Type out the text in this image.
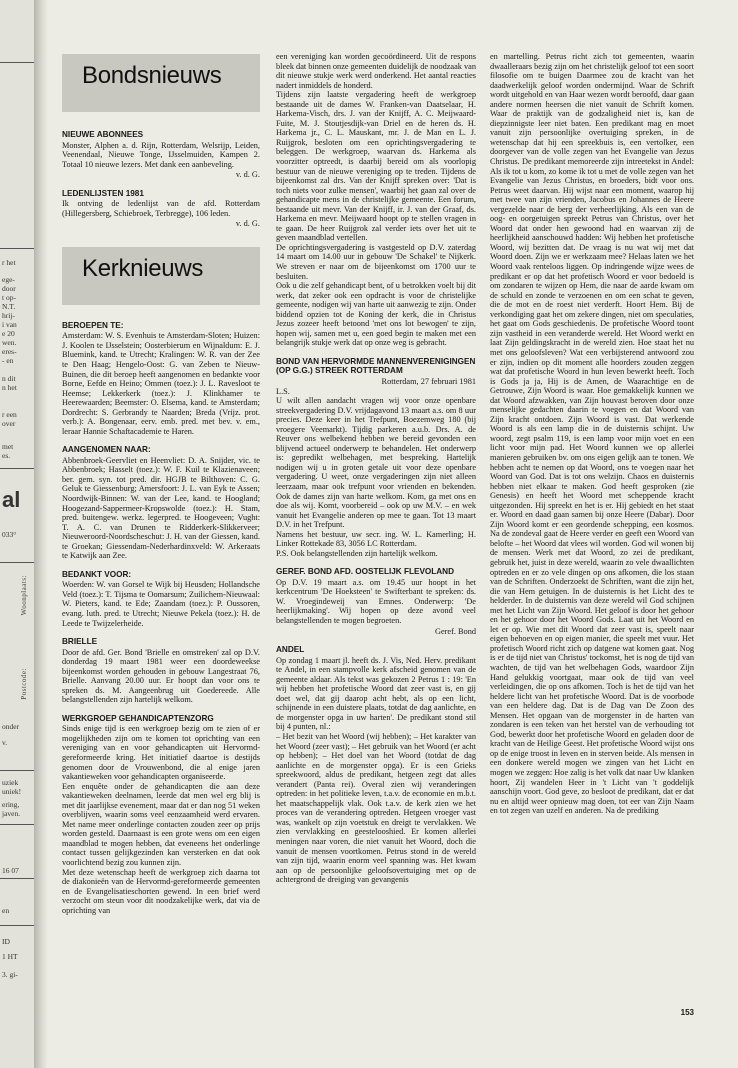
r het
ege-
door
t op-
N.T.
hrij-
i van
e 20
wen.
eres-
- en
n dit
n het
r een
over
met
es.
033°
onder
v.
uziek
uniek!
ering,
javen.
16 07
en
ID
1 HT
3. gi-
al
Woonplaats:
Postcode:
Bondsnieuws
NIEUWE ABONNEES

Monster, Alphen a. d. Rijn, Rotterdam, Welsrijp, Leiden, Veenendaal, Nieuwe Tonge, IJsselmuiden, Kampen 2. Totaal 10 nieuwe lezers. Met dank een aanbeveling.

v. d. G.

LEDENLIJSTEN 1981

Ik ontving de ledenlijst van de afd. Rotterdam (Hillegersberg, Schiebroek, Terbregge), 106 leden.

v. d. G.

Kerknieuws
BEROEPEN TE:

Amsterdam: W. S. Evenhuis te Amsterdam-Sloten; Huizen: J. Koolen te IJsselstein; Oosterbierum en Wijnaldum: E. J. Bluemink, kand. te Utrecht; Kralingen: W. R. van der Zee te Den Haag; Hengelo-Oost: G. van Zeben te Nieuw-Buinen, die dit beroep heeft aangenomen en bedankte voor Borne, Eefde en Heino; Ommen (toez.): J. L. Ravesloot te Heemse; Lekkerkerk (toez.): J. Klinkhamer te Heerewaarden; Beemster: O. Elsema, kand. te Amsterdam; Dordrecht: S. Gerbrandy te Naarden; Breda (Vrijz. prot. verb.): A. Bongenaar, eerv. emb. pred. met bev. v. em., leraar Hannie Schaftacademie te Haren.

AANGENOMEN NAAR:

Abbenbroek-Geervliet en Heenvliet: D. A. Snijder, vic. te Abbenbroek; Hasselt (toez.): W. F. Kuil te Klazienaveen; ber. gem. syn. tot pred. dir. HGJB te Bilthoven: C. G. Geluk te Giessenburg; Amersfoort: J. L. van Eyk te Assen; Noordwijk-Binnen: W. van der Lee, kand. te Hoogland; Hoogezand-Sappermeer-Kropswolde (toez.): H. Stam, pred. buitengew. werkz. legerpred. te Hoogeveen; Vught: T. A. C. van Drunen te Ridderkerk-Slikkerveer; Nieuweroord-Noordscheschut: J. H. van der Giessen, kand. te Groekan; Giessendam-Nederhardinxveld: W. Arkeraats te Katwijk aan Zee.

BEDANKT VOOR:

Woerden: W. van Gorsel te Wijk bij Heusden; Hollandsche Veld (toez.): T. Tijsma te Oomarsum; Zuilichem-Nieuwaal: W. Pieters, kand. te Ede; Zaandam (toez.): P. Oussoren, evang. luth. pred. te Utrecht; Nieuwe Pekela (toez.): H. de Leede te Twijzelerheide.

BRIELLE

Door de afd. Ger. Bond 'Brielle en omstreken' zal op D.V. donderdag 19 maart 1981 weer een doordeweekse bijeenkomst worden gehouden in gebouw Langestraat 76, Brielle. Aanvang 20.00 uur. Er hoopt dan voor ons te spreken ds. M. Aangeenbrug uit Goedereede. Alle belangstellenden zijn hartelijk welkom.

WERKGROEP GEHANDICAPTENZORG

Sinds enige tijd is een werkgroep bezig om te zien of er mogelijkheden zijn om te komen tot oprichting van een vereniging van en voor gehandicapten uit Hervormd-gereformeerde kring. Het initiatief daartoe is destijds genomen door de Vrouwenbond, die al enige jaren vakantieweken voor gehandicapten organiseerde.

Een enquête onder de gehandicapten die aan deze vakantieweken deelnamen, leerde dat men wel erg blij is met dit jaarlijkse evenement, maar dat er dan nog 51 weken overblijven, waarin soms veel eenzaamheid werd ervaren. Met name meer onderlinge contacten zouden zeer op prijs worden gesteld. Daarnaast is een grote wens om een eigen maandblad te mogen hebben, dat eveneens het onderlinge contact tussen gelijkgezinden kan versterken en dat ook voorlichtend bezig zou kunnen zijn.

Met deze wetenschap heeft de werkgroep zich daarna tot de diakonieën van de Hervormd-gereformeerde gemeenten en de Evangelisatieschorten gewend. In een brief werd verzocht om steun voor dit noodzakelijke werk, dat via de oprichting van

een vereniging kan worden gecoördineerd. Uit de respons bleek dat binnen onze gemeenten duidelijk de noodzaak van dit nieuwe stukje werk werd onderkend. Het aantal reacties nadert inmiddels de honderd.

Tijdens zijn laatste vergadering heeft de werkgroep bestaande uit de dames W. Franken-van Daatselaar, H. Harkema-Visch, drs. J. van der Knijff, A. C. Meijwaard-Fuite, M. J. Stoutjesdijk-van Driel en de heren ds. H. Harkema jr., C. L. Mauskant, mr. J. de Man en L. J. Ruijgrok, besloten om een oprichtingsvergadering te beleggen. De werkgroep, waarvan ds. Harkema als voorzitter optreedt, is daarbij bereid om als voorlopig bestuur van de nieuwe vereniging op te treden. Tijdens de bijeenkomst zal drs. Van der Knijff spreken over: 'Dat is toch niets voor zulke mensen', waarbij het gaan zal over de gehandicapte mens in de christelijke gemeente. Een forum, bestaande uit mevr. Van der Knijff, ir. J. van der Graaf, ds. Harkema en mevr. Meijwaard hoopt op te stellen vragen in te gaan. De heer Ruijgrok zal verder iets over het uit te geven maandblad vertellen.

De oprichtingsvergadering is vastgesteld op D.V. zaterdag 14 maart om 14.00 uur in gebouw 'De Schakel' te Nijkerk. We streven er naar om de bijeenkomst om 1700 uur te besluiten.

Ook u die zelf gehandicapt bent, of u betrokken voelt bij dit werk, dat zeker ook een opdracht is voor de christelijke gemeente, nodigen wij van harte uit aanwezig te zijn. Onder biddend opzien tot de Koning der kerk, die in Christus Jezus zozeer heeft betoond 'met ons lot bewogen' te zijn, hopen wij, samen met u, een goed begin te maken met een belangrijk stukje werk dat op onze weg is gebracht.

BOND VAN HERVORMDE MANNENVERENIGINGEN (OP G.G.) STREEK ROTTERDAM

Rotterdam, 27 februari 1981

L.S.

U wilt allen aandacht vragen wij voor onze openbare streekvergadering D.V. vrijdagavond 13 maart a.s. om 8 uur precies. Deze keer in het Trefpunt, Boezemweg 180 (bij vroegere Veemarkt). Tijdig parkeren a.u.b. Drs. A. de Reuver ons welbekend hebben we bereid gevonden een blijvend actueel onderwerp te behandelen. Het onderwerp is: gepredikt welbehagen, met bespreking. Hartelijk nodigen wij u in groten getale uit voor deze openbare vergadering. U weet, onze vergaderingen zijn niet alleen leerzaam, maar ook trefpunt voor vrienden en bekenden. Ook de dames zijn van harte welkom. Kom, ga met ons en doe als wij. Komt, voorbereid – ook op uw M.V. – en wek vanuit het Evangelie anderen op mee te gaan. Tot 13 maart D.V. in het Trefpunt.

Namens het bestuur, uw secr. ing. W. L. Kamerling; H. Linker Rottekade 83, 3056 LC Rotterdam.

P.S. Ook belangstellenden zijn hartelijk welkom.

GEREF. BOND AFD. OOSTELIJK FLEVOLAND

Op D.V. 19 maart a.s. om 19.45 uur hoopt in het kerkcentrum 'De Hoeksteen' te Swifterbant te spreken: ds. W. Vroegindeweij van Emnes. Onderwerp: 'De heerlijkmaking'. Wij hopen op deze avond veel belangstellenden te mogen begroeten.

Geref. Bond

ANDEL

Op zondag 1 maart jl. heeft ds. J. Vis, Ned. Herv. predikant te Andel, in een stampvolle kerk afscheid genomen van de gemeente aldaar. Als tekst was gekozen 2 Petrus 1 : 19: 'En wij hebben het profetische Woord dat zeer vast is, en gij doet wel, dat gij daarop acht hebt, als op een licht, schijnende in een duistere plaats, totdat de dag aanlichte, en de morgenster opga in uw harten'. De predikant stond stil bij 4 punten, nl.:

– Het bezit van het Woord (wij hebben); – Het karakter van het Woord (zeer vast); – Het gebruik van het Woord (er acht op hebben); – Het doel van het Woord (totdat de dag aanlichte en de morgenster opga). Er is een Grieks spreekwoord, aldus de predikant, hetgeen zegt dat alles verandert (Panta rei). Overal zien wij veranderingen optreden: in het politieke leven, t.a.v. de economie en m.b.t. het maatschappelijk vlak. Ook t.a.v. de kerk zien we het proces van de verandering optreden. Hetgeen vroeger vast was, wankelt op zijn voetstuk en dreigt te vervlakken. We zien vervlakking en geestelooshied. Er komen allerlei meningen naar voren, die niet vanuit het Woord, doch die vanuit de mensen voortkomen. Petrus stond in de wereld van zijn tijd, waarin enorm veel spanning was. Het kwam aan op de persoonlijke geloofsovertuiging met op de achtergrond de dreiging van gevangenis

en martelling. Petrus richt zich tot gemeenten, waarin dwaalleraars bezig zijn om het christelijk geloof tot een soort filosofie om te buigen Daarmee zou de kracht van het daadwerkelijk geloof worden ondermijnd. Waar de Schrift wordt uitgehold en van Haar wezen wordt beroofd, daar gaan andere normen heersen die niet vanuit de Schrift komen. Waar de praktijk van de godzaligheid niet is, kan de diepzinnigste leer niet baten. Een predikant mag en moet vanuit zijn persoonlijke overtuiging spreken, in de wetenschap dat hij een spreekbuis is, een vertolker, een doorgever van de volle zegen van het Evangelie van Jezus Christus. De predikant memoreerde zijn intreetekst in Andel: Als ik tot u kom, zo kome ik tot u met de volle zegen van het Evangelie van Jezus Christus, en broeders, bidt voor ons. Petrus weet daarvan. Hij wijst naar een moment, waarop hij met twee van zijn vrienden, Jacobus en Johannes de Heere vergezelde naar de berg der verheerlijking. Als een van de oog- en oorgetuigen spreekt Petrus van Christus, over het Woord dat onder hen gewoond had en waarvan zij de heerlijkheid aanschouwd hadden: Wij hebben het profetische Woord, wij bezitten dat. De vraag is nu wat wij met dat Woord doen. Zijn we er werkzaam mee? Helaas laten we het Woord vaak renteloos liggen. Op indringende wijze wees de predikant er op dat het profetisch Woord er voor bedoeld is om zondaren te wijzen op Hem, die naar de aarde kwam om de schuld en zonde te verzoenen en om een schat te geven, die de mot en de roest niet verderft. Hoort Hem. Bij de verkondiging gaat het om zekere dingen, niet om speculaties, het gaat om Gods geschiedenis. De profetische Woord toont zijn vastheid in een veranderde wereld. Het Woord werkt en laat Zijn geldingskracht in de wereld zien. Hoe staat het nu met ons geloofsleven? Wat een verbijsterend antwoord zou er zijn, indien op dit moment alle hoorders zouden zeggen wat dat profetische Woord in hun leven bewerkt heeft. Toch is Gods ja ja, Hij is de Amen, de Waarachtige en de Getrouwe, Zijn Woord is waar. Hoe gemakkelijk kunnen we dat Woord afzwakken, van Zijn houvast beroven door onze menselijke gedachten daarin te voegen en dat Woord van Zijn kracht ontdoen. Zijn Woord is vast. Dat werkende Woord is als een lamp die in de duisternis schijnt. Uw woord, zegt psalm 119, is een lamp voor mijn voet en een licht voor mijn pad. Het Woord kunnen we op allerlei manieren gebruiken bv. om ons eigen gelijk aan te tonen. We hebben acht te nemen op dat Woord, ons te voegen naar het Woord van God. Dat is tot ons welzijn. Chaos en duisternis hebben niet elkaar te maken. God heeft gesproken (zie Genesis) en heeft het Woord met scheppende kracht uitgezonden. Hij spreekt en het is er. Hij gebiedt en het staat er. Woord en daad gaan samen bij onze Heere (Dabar). Door Zijn Woord komt er een geordende schepping, een kosmos. Na de zondeval gaat de Heere verder en geeft een Woord van belofte – het Woord dat vlees wil worden. God wil wonen bij de mensen. Werk met dat Woord, zo zei de predikant, gebruik het, juist in deze wereld, waarin zo vele dwaallichten optreden en er zo vele dingen op ons afkomen, die los staan van de Schriften. Onderzoekt de Schriften, want die zijn het, die van Hem getuigen. In de duisternis is het Licht des te helderder. In de duisternis van deze wereld wil God schijnen met het Licht van Zijn Woord. Het geloof is door het gehoor en het gehoor door het Woord Gods. Laat uit het Woord en let er op. Wie met dit Woord dat zeer vast is, speelt naar eigen behoeven en op eigen manier, die speelt met vuur. Het profetisch Woord richt zich op datgene wat komen gaat. Nog is er de tijd niet van Christus' tockomst, het is nog de tijd van wachten, de tijd van het welbehagen Gods, waardoor Zijn Hand gelukkig voortgaat, maar ook de tijd van veel verleidingen, die op ons afkomen. Toch is het de tijd van het heldere licht van het profetische Woord. Dat is de voorbode van een heldere dag. Dat is de Dag van De Zoon des Mensen. Het opgaan van de morgenster in de harten van zondaren is een teken van het herstel van de verhouding tot God, bewerkt door het profetische Woord en geladen door de kracht van de Heilige Geest. Het profetische Woord wijst ons op de enige troost in leven en in sterven beide. Als mensen in een donkere wereld mogen we zingen van het Licht en mogen we zeggen: Hoe zalig is het volk dat naar Uw klanken hoort, Zij wandelen Heer in 't Licht van 't goddelijk aanschijn voort. God geve, zo besloot de predikant, dat er dat nu en altijd weer opnieuw mag doen, tot eer van Zijn Naam en tot zegen van uzelf en anderen. Na de prediking

153
